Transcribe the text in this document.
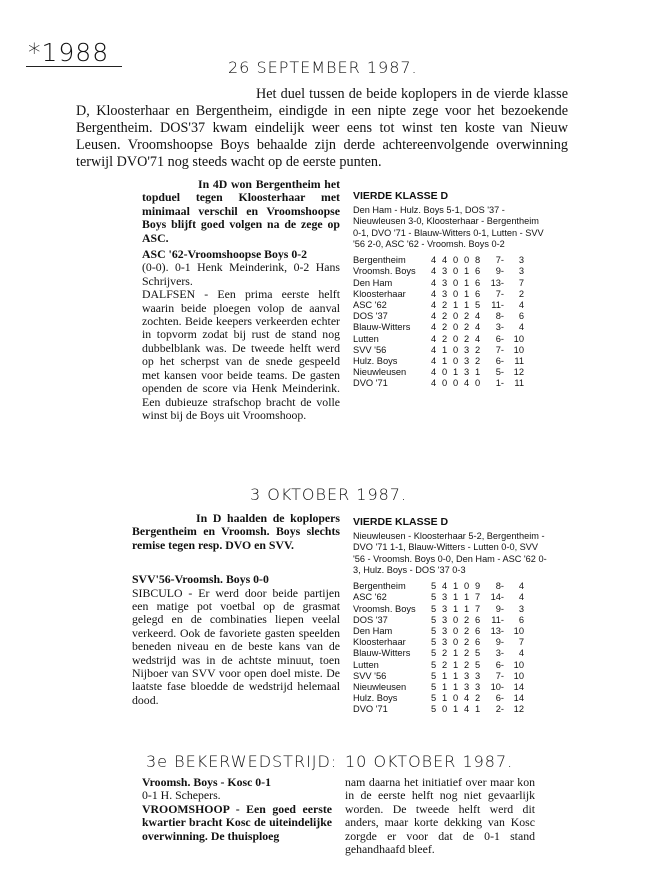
*1988
26 SEPTEMBER 1987.
Het duel tussen de beide koplopers in de vierde klasse D, Kloosterhaar en Bergentheim, eindigde in een nipte zege voor het bezoekende Bergentheim. DOS'37 kwam eindelijk weer eens tot winst ten koste van Nieuw Leusen. Vroomshoopse Boys behaalde zijn derde achtereenvolgende overwinning terwijl DVO'71 nog steeds wacht op de eerste punten.

In 4D won Bergentheim het topduel tegen Kloosterhaar met minimaal verschil en Vroomshoopse Boys blijft goed volgen na de zege op ASC.

ASC '62-Vroomshoopse Boys 0-2

(0-0). 0-1 Henk Meinderink, 0-2 Hans Schrijvers.

DALFSEN - Een prima eerste helft waarin beide ploegen volop de aanval zochten. Beide keepers verkeerden echter in topvorm zodat bij rust de stand nog dubbelblank was. De tweede helft werd op het scherpst van de snede gespeeld met kansen voor beide teams. De gasten openden de score via Henk Meinderink. Een dubieuze strafschop bracht de volle winst bij de Boys uit Vroomshoop.

VIERDE KLASSE D
Den Ham - Hulz. Boys 5-1, DOS '37 - Nieuwleusen 3-0, Kloosterhaar - Bergentheim 0-1, DVO '71 - Blauw-Witters 0-1, Lutten - SVV '56 2-0, ASC '62 - Vroomsh. Boys 0-2
Bergentheim	4	4	0	0	8	7-	3
Vroomsh. Boys	4	3	0	1	6	9-	3
Den Ham	4	3	0	1	6	13-	7
Kloosterhaar	4	3	0	1	6	7-	2
ASC '62	4	2	1	1	5	11-	4
DOS '37	4	2	0	2	4	8-	6
Blauw-Witters	4	2	0	2	4	3-	4
Lutten	4	2	0	2	4	6-	10
SVV '56	4	1	0	3	2	7-	10
Hulz. Boys	4	1	0	3	2	6-	11
Nieuwleusen	4	0	1	3	1	5-	12
DVO '71	4	0	0	4	0	1-	11
3 OKTOBER 1987.

In D haalden de koplopers Bergentheim en Vroomsh. Boys slechts remise tegen resp. DVO en SVV.

SVV'56-Vroomsh. Boys 0-0

SIBCULO - Er werd door beide partijen een matige pot voetbal op de grasmat gelegd en de combinaties liepen veelal verkeerd. Ook de favoriete gasten speelden beneden niveau en de beste kans van de wedstrijd was in de achtste minuut, toen Nijboer van SVV voor open doel miste. De laatste fase bloedde de wedstrijd helemaal dood.

VIERDE KLASSE D
Nieuwleusen - Kloosterhaar 5-2, Bergentheim - DVO '71 1-1, Blauw-Witters - Lutten 0-0, SVV '56 - Vroomsh. Boys 0-0, Den Ham - ASC '62 0-3, Hulz. Boys - DOS '37 0-3
Bergentheim	5	4	1	0	9	8-	4
ASC '62	5	3	1	1	7	14-	4
Vroomsh. Boys	5	3	1	1	7	9-	3
DOS '37	5	3	0	2	6	11-	6
Den Ham	5	3	0	2	6	13-	10
Kloosterhaar	5	3	0	2	6	9-	7
Blauw-Witters	5	2	1	2	5	3-	4
Lutten	5	2	1	2	5	6-	10
SVV '56	5	1	1	3	3	7-	10
Nieuwleusen	5	1	1	3	3	10-	14
Hulz. Boys	5	1	0	4	2	6-	14
DVO '71	5	0	1	4	1	2-	12
3e BEKERWEDSTRIJD: 10 OKTOBER 1987.

Vroomsh. Boys - Kosc 0-1

0-1 H. Schepers.

VROOMSHOOP - Een goed eerste kwartier bracht Kosc de uiteindelijke overwinning. De thuisploeg

nam daarna het initiatief over maar kon in de eerste helft nog niet gevaarlijk worden. De tweede helft werd dit anders, maar korte dekking van Kosc zorgde er voor dat de 0-1 stand gehandhaafd bleef.
